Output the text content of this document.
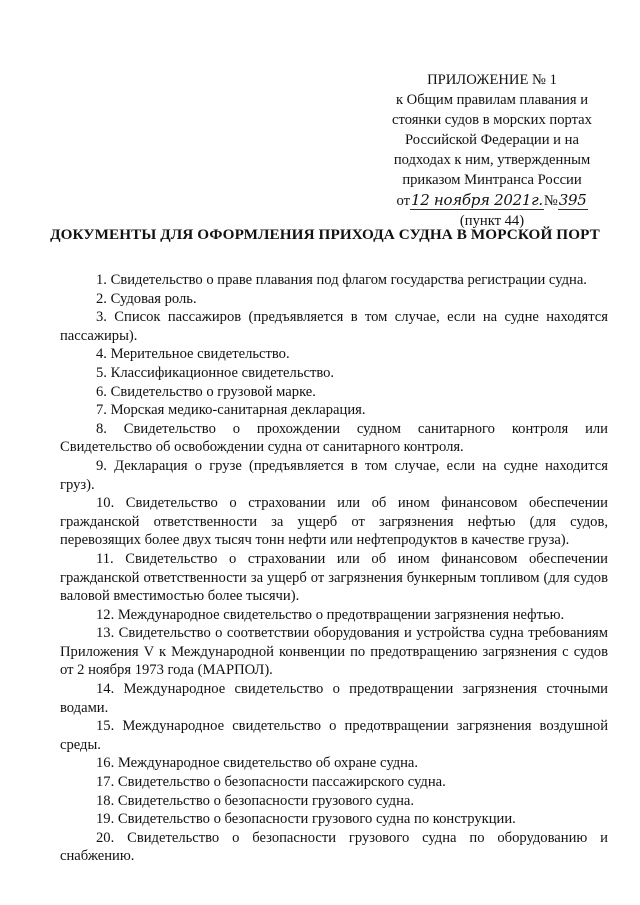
ПРИЛОЖЕНИЕ № 1
к Общим правилам плавания и
стоянки судов в морских портах
Российской Федерации и на
подходах к ним, утвержденным
приказом Минтранса России
от12 ноября 2021г.№395
(пункт 44)
ДОКУМЕНТЫ ДЛЯ ОФОРМЛЕНИЯ ПРИХОДА СУДНА В МОРСКОЙ ПОРТ

1. Свидетельство о праве плавания под флагом государства регистрации судна.

2. Судовая роль.

3. Список пассажиров (предъявляется в том случае, если на судне находятся пассажиры).

4. Мерительное свидетельство.

5. Классификационное свидетельство.

6. Свидетельство о грузовой марке.

7. Морская медико-санитарная декларация.

8. Свидетельство о прохождении судном санитарного контроля или Свидетельство об освобождении судна от санитарного контроля.

9. Декларация о грузе (предъявляется в том случае, если на судне находится груз).

10. Свидетельство о страховании или об ином финансовом обеспечении гражданской ответственности за ущерб от загрязнения нефтью (для судов, перевозящих более двух тысяч тонн нефти или нефтепродуктов в качестве груза).

11. Свидетельство о страховании или об ином финансовом обеспечении гражданской ответственности за ущерб от загрязнения бункерным топливом (для судов валовой вместимостью более тысячи).

12. Международное свидетельство о предотвращении загрязнения нефтью.

13. Свидетельство о соответствии оборудования и устройства судна требованиям Приложения V к Международной конвенции по предотвращению загрязнения с судов от 2 ноября 1973 года (МАРПОЛ).

14. Международное свидетельство о предотвращении загрязнения сточными водами.

15. Международное свидетельство о предотвращении загрязнения воздушной среды.

16. Международное свидетельство об охране судна.

17. Свидетельство о безопасности пассажирского судна.

18. Свидетельство о безопасности грузового судна.

19. Свидетельство о безопасности грузового судна по конструкции.

20. Свидетельство о безопасности грузового судна по оборудованию и снабжению.
